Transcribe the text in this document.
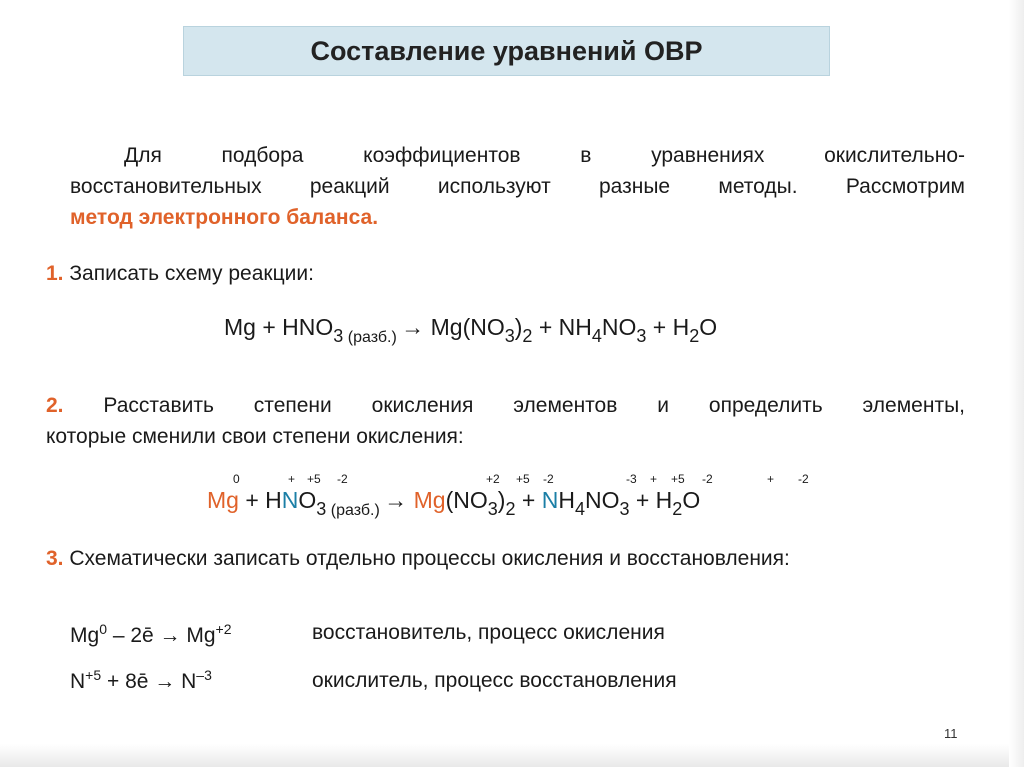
Составление уравнений ОВР
Для подбора коэффициентов в уравнениях окислительно-
восстановительных реакций используют разные методы. Рассмотрим
метод электронного баланса.
1. Записать схему реакции:
$Mg + HNO_3$ $_{(разб.)} \to Mg(NO_3)_2 + NH_4NO_3 + H_2O$
2. Расставить степени окисления элементов и определить элементы,
которые сменили свои степени окисления:
0	+ +5 -2	+2 +5 -2	-3 + +5 -2	+ -2
$Mg + HNO_3$ $_{(разб.)} \to Mg(NO_3)_2 + NH_4NO_3 + H_2O$
3. Схематически записать отдельно процессы окисления и восстановления:
Mg$^0$ – 2ē → $Mg^{+2}$	восстановитель, процесс окисления
$N^{+5}$ + 8ē → $N^{-3}$	окислитель, процесс восстановления
11
